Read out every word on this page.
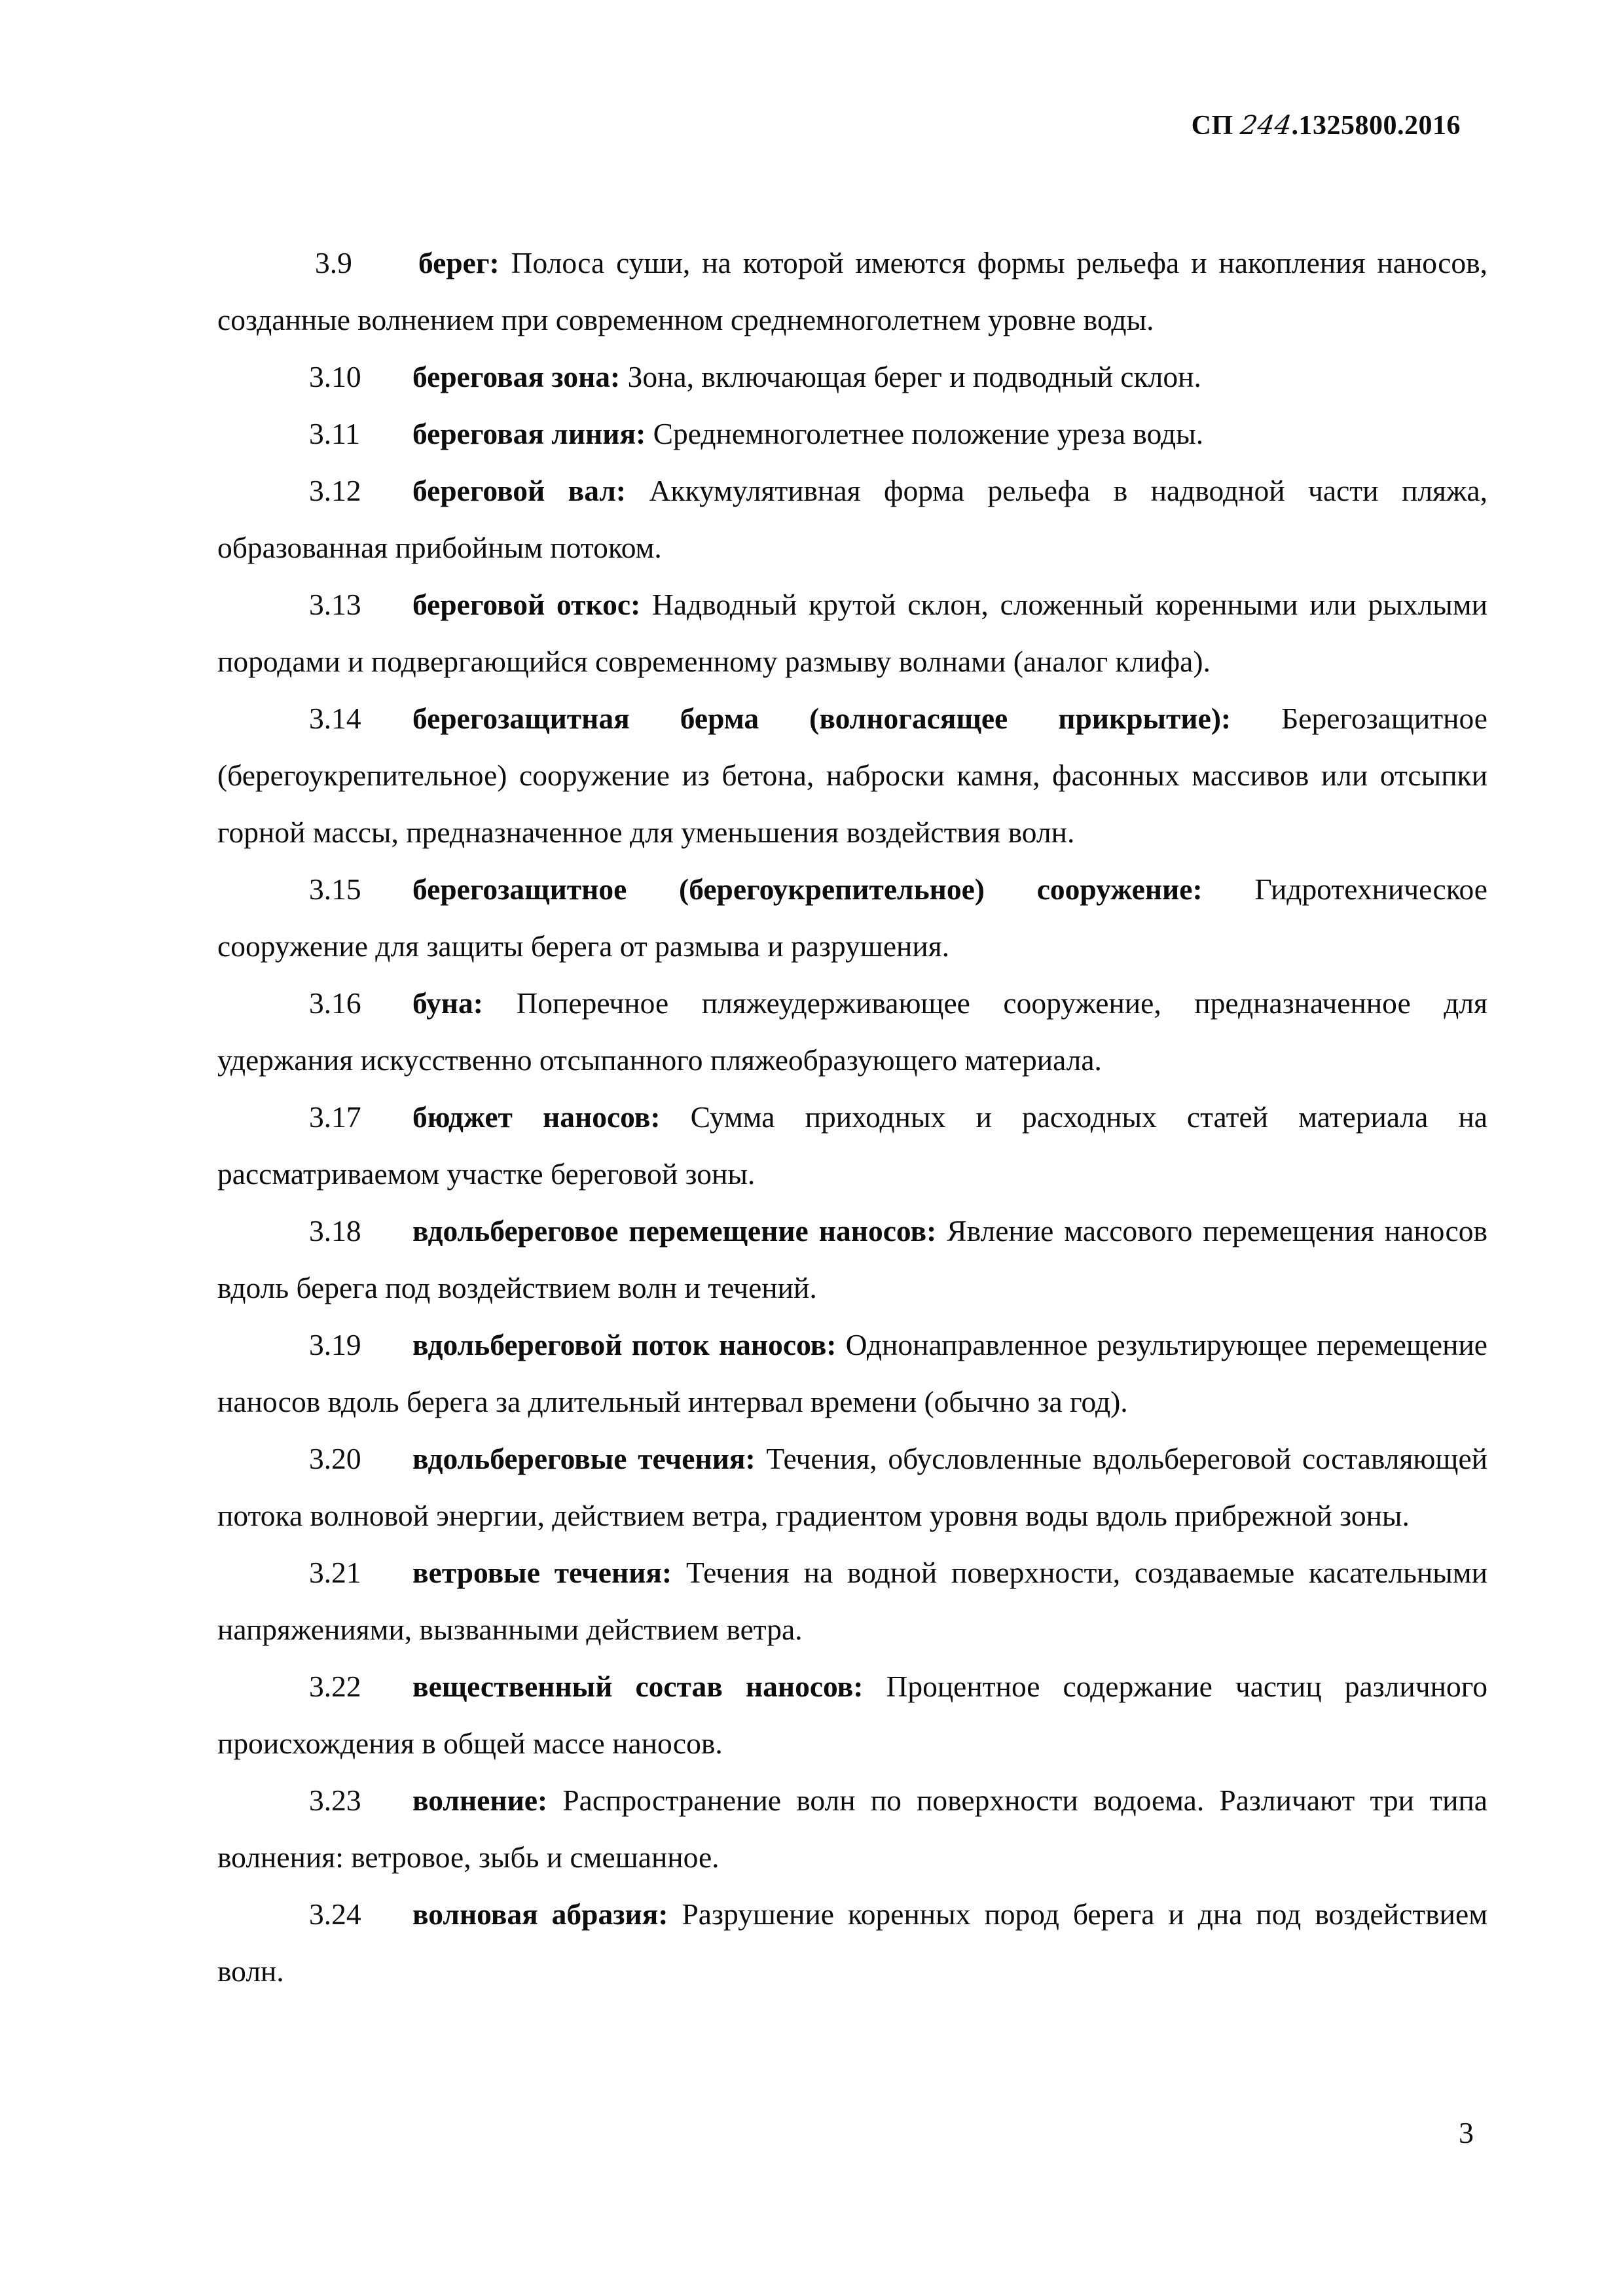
СП 244.1325800.2016

3.9 берег: Полоса суши, на которой имеются формы рельефа и накопления наносов, созданные волнением при современном среднемноголетнем уровне воды.

3.10 береговая зона: Зона, включающая берег и подводный склон.

3.11 береговая линия: Среднемноголетнее положение уреза воды.

3.12 береговой вал: Аккумулятивная форма рельефа в надводной части пляжа, образованная прибойным потоком.

3.13 береговой откос: Надводный крутой склон, сложенный коренными или рыхлыми породами и подвергающийся современному размыву волнами (аналог клифа).

3.14 берегозащитная берма (волногасящее прикрытие): Берегозащитное (берегоукрепительное) сооружение из бетона, наброски камня, фасонных массивов или отсыпки горной массы, предназначенное для уменьшения воздействия волн.

3.15 берегозащитное (берегоукрепительное) сооружение: Гидротехническое сооружение для защиты берега от размыва и разрушения.

3.16 буна: Поперечное пляжеудерживающее сооружение, предназначенное для удержания искусственно отсыпанного пляжеобразующего материала.

3.17 бюджет наносов: Сумма приходных и расходных статей материала на рассматриваемом участке береговой зоны.

3.18 вдольбереговое перемещение наносов: Явление массового перемещения наносов вдоль берега под воздействием волн и течений.

3.19 вдольбереговой поток наносов: Однонаправленное результирующее перемещение наносов вдоль берега за длительный интервал времени (обычно за год).

3.20 вдольбереговые течения: Течения, обусловленные вдольбереговой составляющей потока волновой энергии, действием ветра, градиентом уровня воды вдоль прибрежной зоны.

3.21 ветровые течения: Течения на водной поверхности, создаваемые касательными напряжениями, вызванными действием ветра.

3.22 вещественный состав наносов: Процентное содержание частиц различного происхождения в общей массе наносов.

3.23 волнение: Распространение волн по поверхности водоема. Различают три типа волнения: ветровое, зыбь и смешанное.

3.24 волновая абразия: Разрушение коренных пород берега и дна под воздействием волн.

3
